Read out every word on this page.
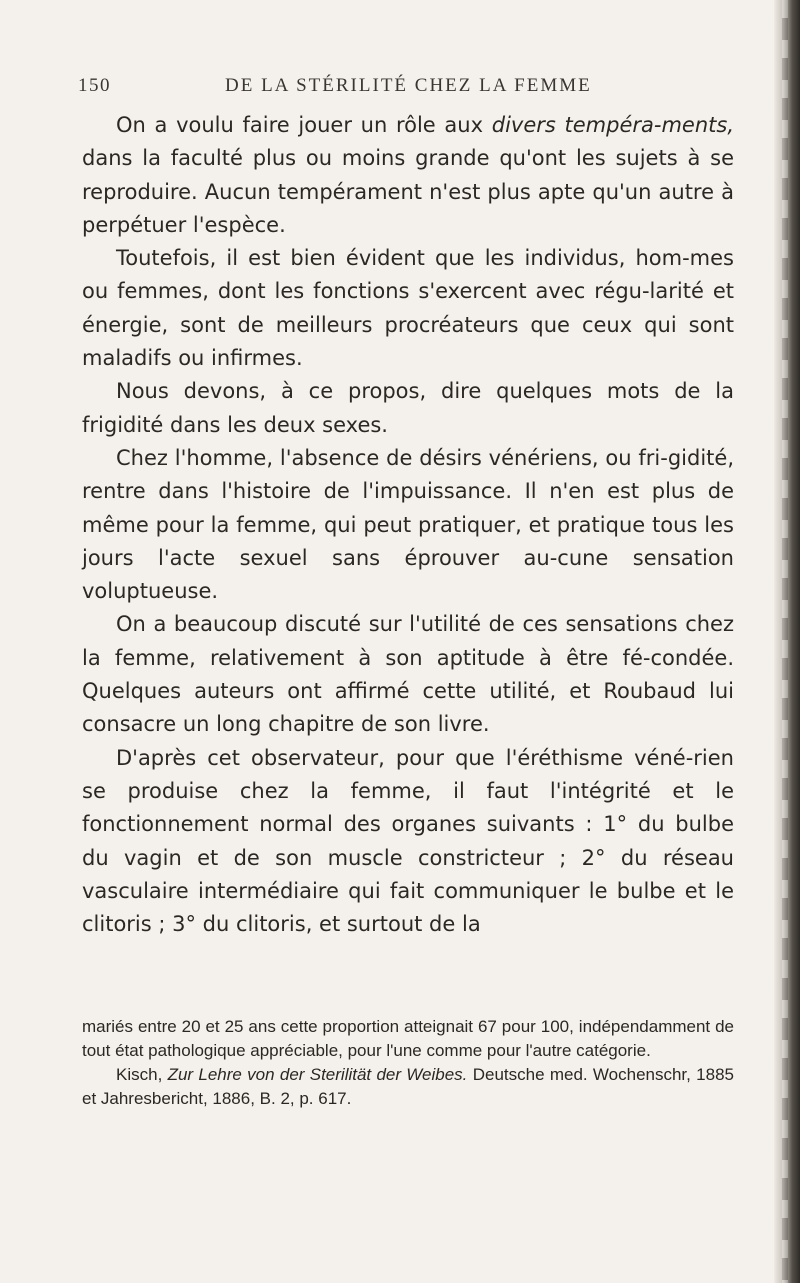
150	DE LA STÉRILITÉ CHEZ LA FEMME

On a voulu faire jouer un rôle aux divers tempéra-ments, dans la faculté plus ou moins grande qu'ont les sujets à se reproduire. Aucun tempérament n'est plus apte qu'un autre à perpétuer l'espèce.

Toutefois, il est bien évident que les individus, hom-mes ou femmes, dont les fonctions s'exercent avec régu-larité et énergie, sont de meilleurs procréateurs que ceux qui sont maladifs ou infirmes.

Nous devons, à ce propos, dire quelques mots de la frigidité dans les deux sexes.

Chez l'homme, l'absence de désirs vénériens, ou fri-gidité, rentre dans l'histoire de l'impuissance. Il n'en est plus de même pour la femme, qui peut pratiquer, et pratique tous les jours l'acte sexuel sans éprouver au-cune sensation voluptueuse.

On a beaucoup discuté sur l'utilité de ces sensations chez la femme, relativement à son aptitude à être fé-condée. Quelques auteurs ont affirmé cette utilité, et Roubaud lui consacre un long chapitre de son livre.

D'après cet observateur, pour que l'éréthisme véné-rien se produise chez la femme, il faut l'intégrité et le fonctionnement normal des organes suivants : 1° du bulbe du vagin et de son muscle constricteur ; 2° du réseau vasculaire intermédiaire qui fait communiquer le bulbe et le clitoris ; 3° du clitoris, et surtout de la

mariés entre 20 et 25 ans cette proportion atteignait 67 pour 100, indépendamment de tout état pathologique appréciable, pour l'une comme pour l'autre catégorie.

Kisch, Zur Lehre von der Sterilität der Weibes. Deutsche med. Wochenschr, 1885 et Jahresbericht, 1886, B. 2, p. 617.
